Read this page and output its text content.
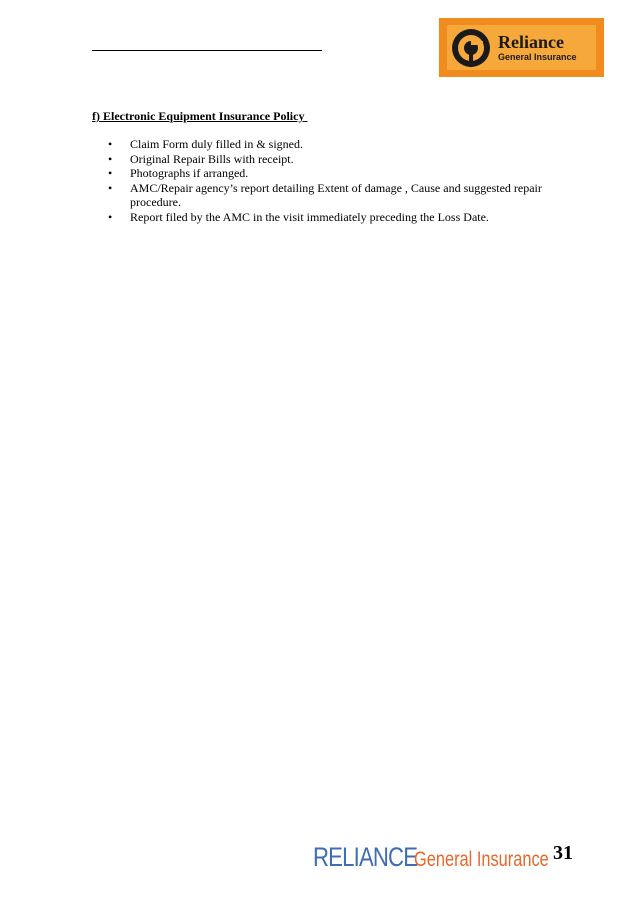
Reliance
General Insurance

f) Electronic Equipment Insurance Policy

• Claim Form duly filled in & signed.
• Original Repair Bills with receipt.
• Photographs if arranged.
• AMC/Repair agency’s report detailing Extent of damage , Cause and suggested repair procedure.
• Report filed by the AMC in the visit immediately preceding the Loss Date.
RELIANCE
General Insurance 31
